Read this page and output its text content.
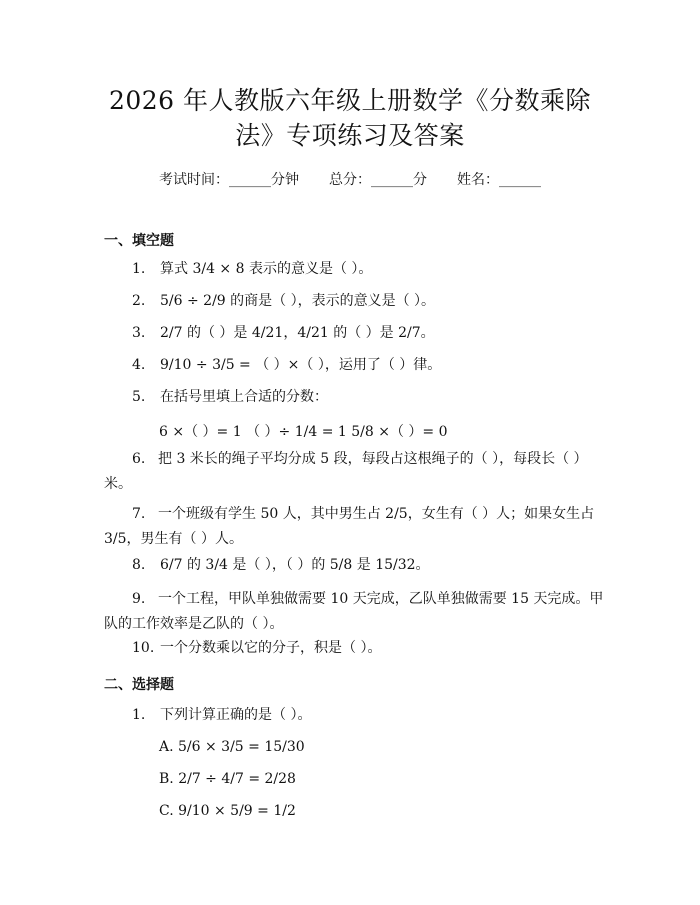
2026 年人教版六年级上册数学《分数乘除
法》专项练习及答案
考试时间：______分钟 总分：______分 姓名：______
一、填空题
1. 算式 3/4 × 8 表示的意义是（ ）。
2. 5/6 ÷ 2/9 的商是（ ），表示的意义是（ ）。
3. 2/7 的（ ）是 4/21，4/21 的（ ）是 2/7。
4. 9/10 ÷ 3/5 = （ ）×（ ），运用了（ ）律。
5. 在括号里填上合适的分数：
6 ×（ ）= 1 （ ）÷ 1/4 = 1 5/8 ×（ ）= 0
6. 把 3 米长的绳子平均分成 5 段，每段占这根绳子的（ ），每段长（ ）米。
7. 一个班级有学生 50 人，其中男生占 2/5，女生有（ ）人；如果女生占 3/5，男生有（ ）人。
8. 6/7 的 3/4 是（ ），（ ）的 5/8 是 15/32。
9. 一个工程，甲队单独做需要 10 天完成，乙队单独做需要 15 天完成。甲队的工作效率是乙队的（ ）。
10. 一个分数乘以它的分子，积是（ ）。
二、选择题
1. 下列计算正确的是（ ）。
A. 5/6 × 3/5 = 15/30
B. 2/7 ÷ 4/7 = 2/28
C. 9/10 × 5/9 = 1/2
